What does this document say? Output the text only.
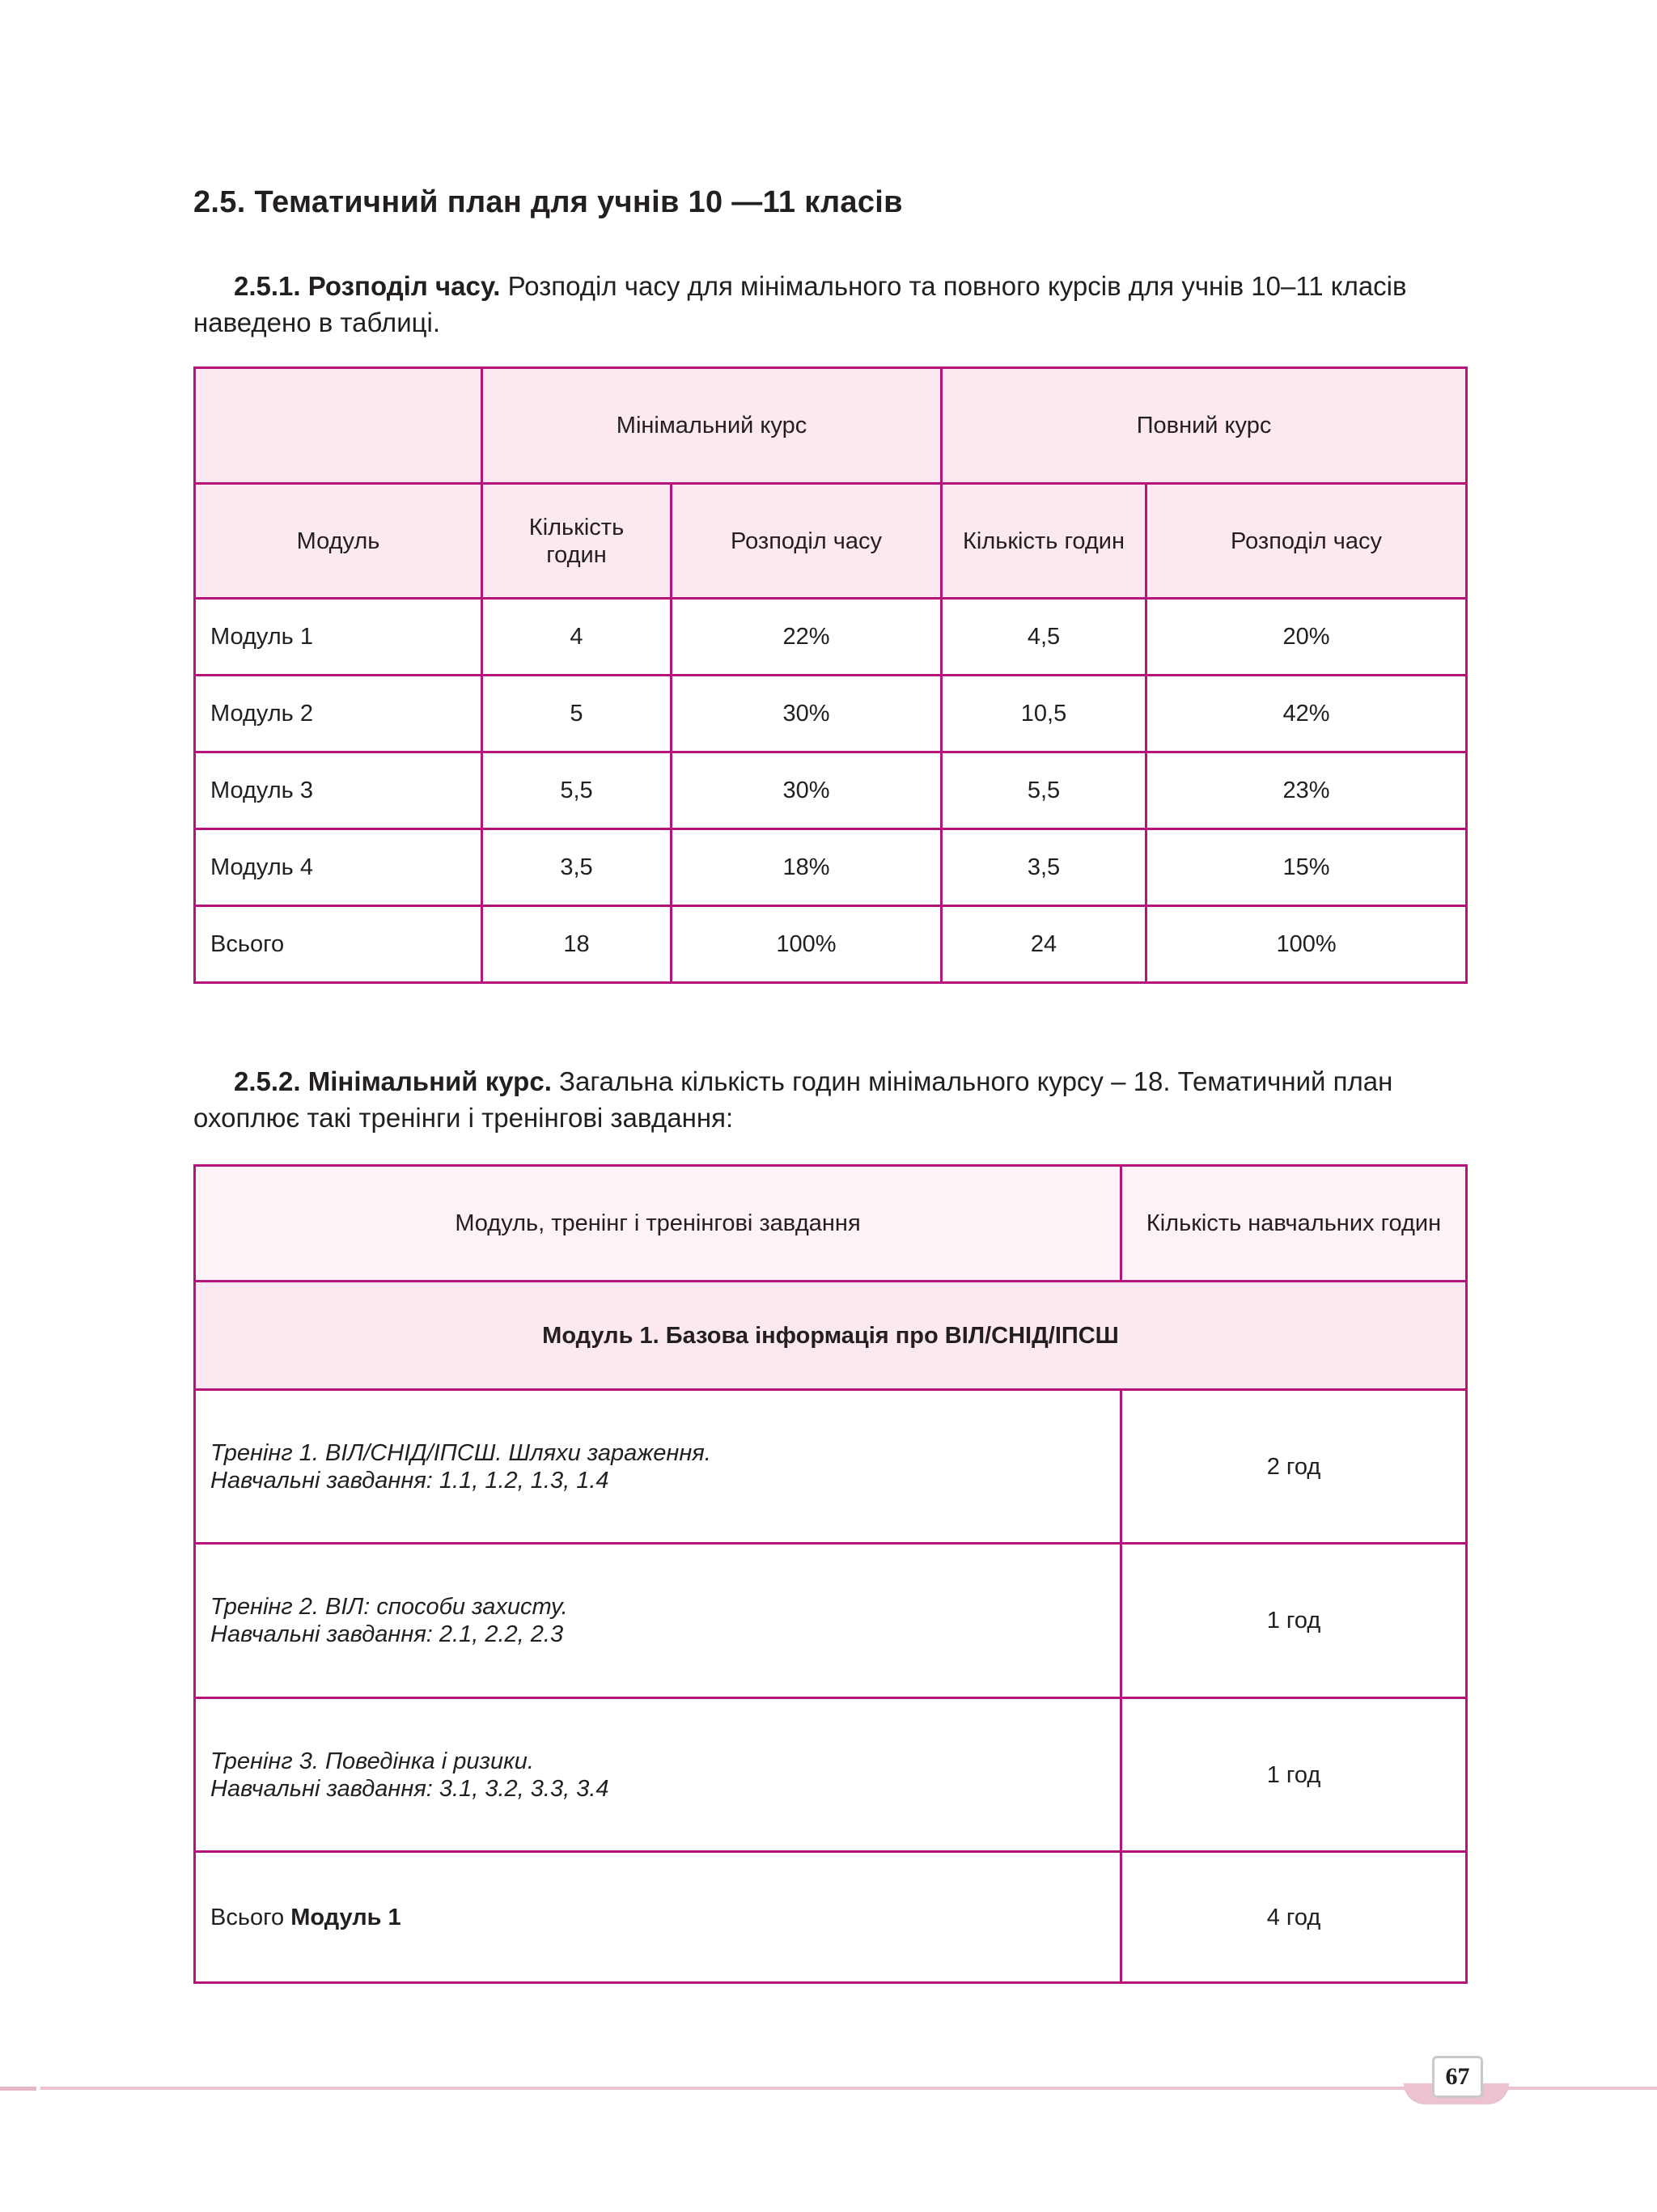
2.5. Тематичний план для учнів 10 —11 класів

2.5.1. Розподіл часу. Розподіл часу для мінімального та повного курсів для учнів 10–11 класів наведено в таблиці.

	Мінімальний курс		Повний курс	
Модуль	Кількість годин	Розподіл часу	Кількість годин	Розподіл часу
Модуль 1	4	22%	4,5	20%
Модуль 2	5	30%	10,5	42%
Модуль 3	5,5	30%	5,5	23%
Модуль 4	3,5	18%	3,5	15%
Всього	18	100%	24	100%

2.5.2. Мінімальний курс. Загальна кількість годин мінімального курсу – 18. Тематичний план охоплює такі тренінги і тренінгові завдання:

Модуль, тренінг і тренінгові завдання	Кількість навчальних годин
Модуль 1. Базова інформація про ВІЛ/СНІД/ІПСШ	
Тренінг 1. ВІЛ/СНІД/ІПСШ. Шляхи зараження.
Навчальні завдання: 1.1, 1.2, 1.3, 1.4	2 год
Тренінг 2. ВІЛ: способи захисту.
Навчальні завдання: 2.1, 2.2, 2.3	1 год
Тренінг 3. Поведінка і ризики.
Навчальні завдання: 3.1, 3.2, 3.3, 3.4	1 год
Всього Модуль 1	4 год
67
